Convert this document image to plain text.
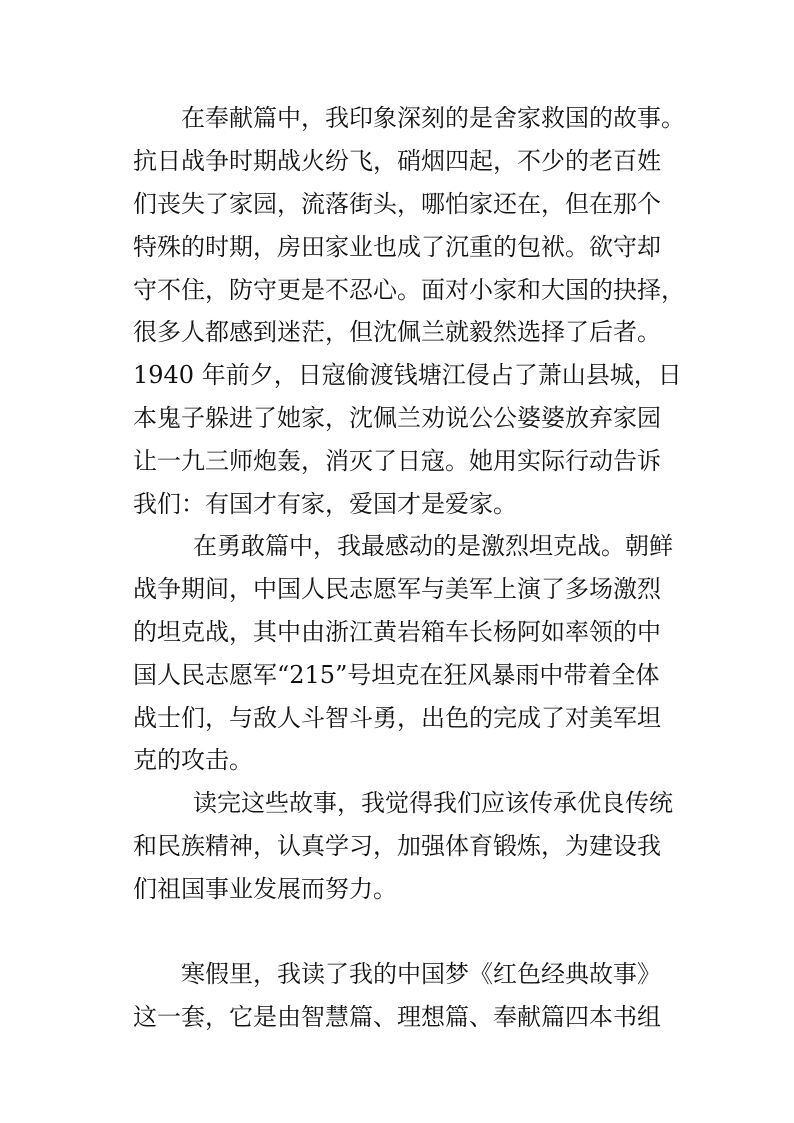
在奉献篇中，我印象深刻的是舍家救国的故事。

抗日战争时期战火纷飞，硝烟四起，不少的老百姓

们丧失了家园，流落街头，哪怕家还在，但在那个

特殊的时期，房田家业也成了沉重的包袱。欲守却

守不住，防守更是不忍心。面对小家和大国的抉择，

很多人都感到迷茫，但沈佩兰就毅然选择了后者。

1940 年前夕，日寇偷渡钱塘江侵占了萧山县城，日

本鬼子躲进了她家，沈佩兰劝说公公婆婆放弃家园

让一九三师炮轰，消灭了日寇。她用实际行动告诉

我们：有国才有家，爱国才是爱家。

在勇敢篇中，我最感动的是激烈坦克战。朝鲜

战争期间，中国人民志愿军与美军上演了多场激烈

的坦克战，其中由浙江黄岩箱车长杨阿如率领的中

国人民志愿军“215”号坦克在狂风暴雨中带着全体

战士们，与敌人斗智斗勇，出色的完成了对美军坦

克的攻击。

读完这些故事，我觉得我们应该传承优良传统

和民族精神，认真学习，加强体育锻炼，为建设我

们祖国事业发展而努力。

寒假里，我读了我的中国梦《红色经典故事》

这一套，它是由智慧篇、理想篇、奉献篇四本书组
